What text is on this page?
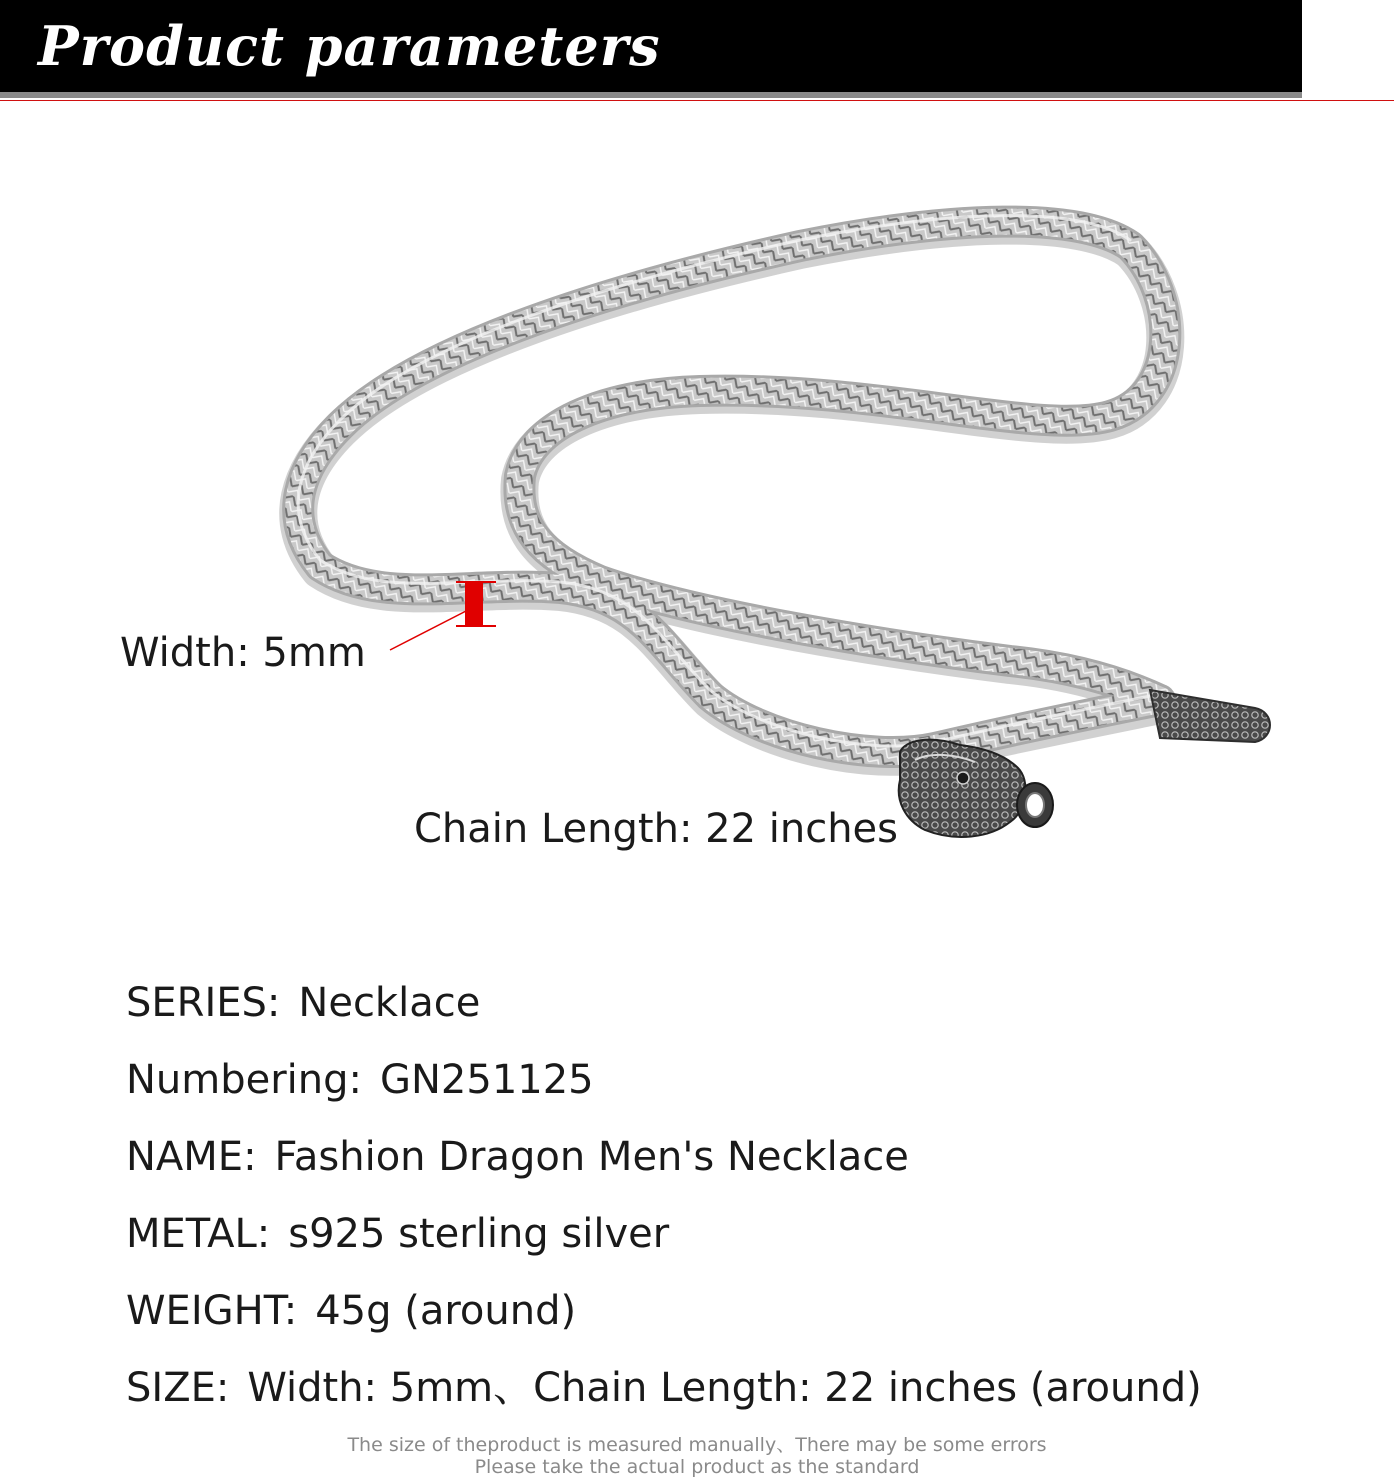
Product parameters
Width: 5mm
Chain Length: 22 inches
SERIES: Necklace
Numbering: GN251125
NAME: Fashion Dragon Men's Necklace
METAL: s925 sterling silver
WEIGHT: 45g (around)
SIZE: Width: 5mm、Chain Length: 22 inches (around)
The size of theproduct is measured manually、There may be some errors
Please take the actual product as the standard
